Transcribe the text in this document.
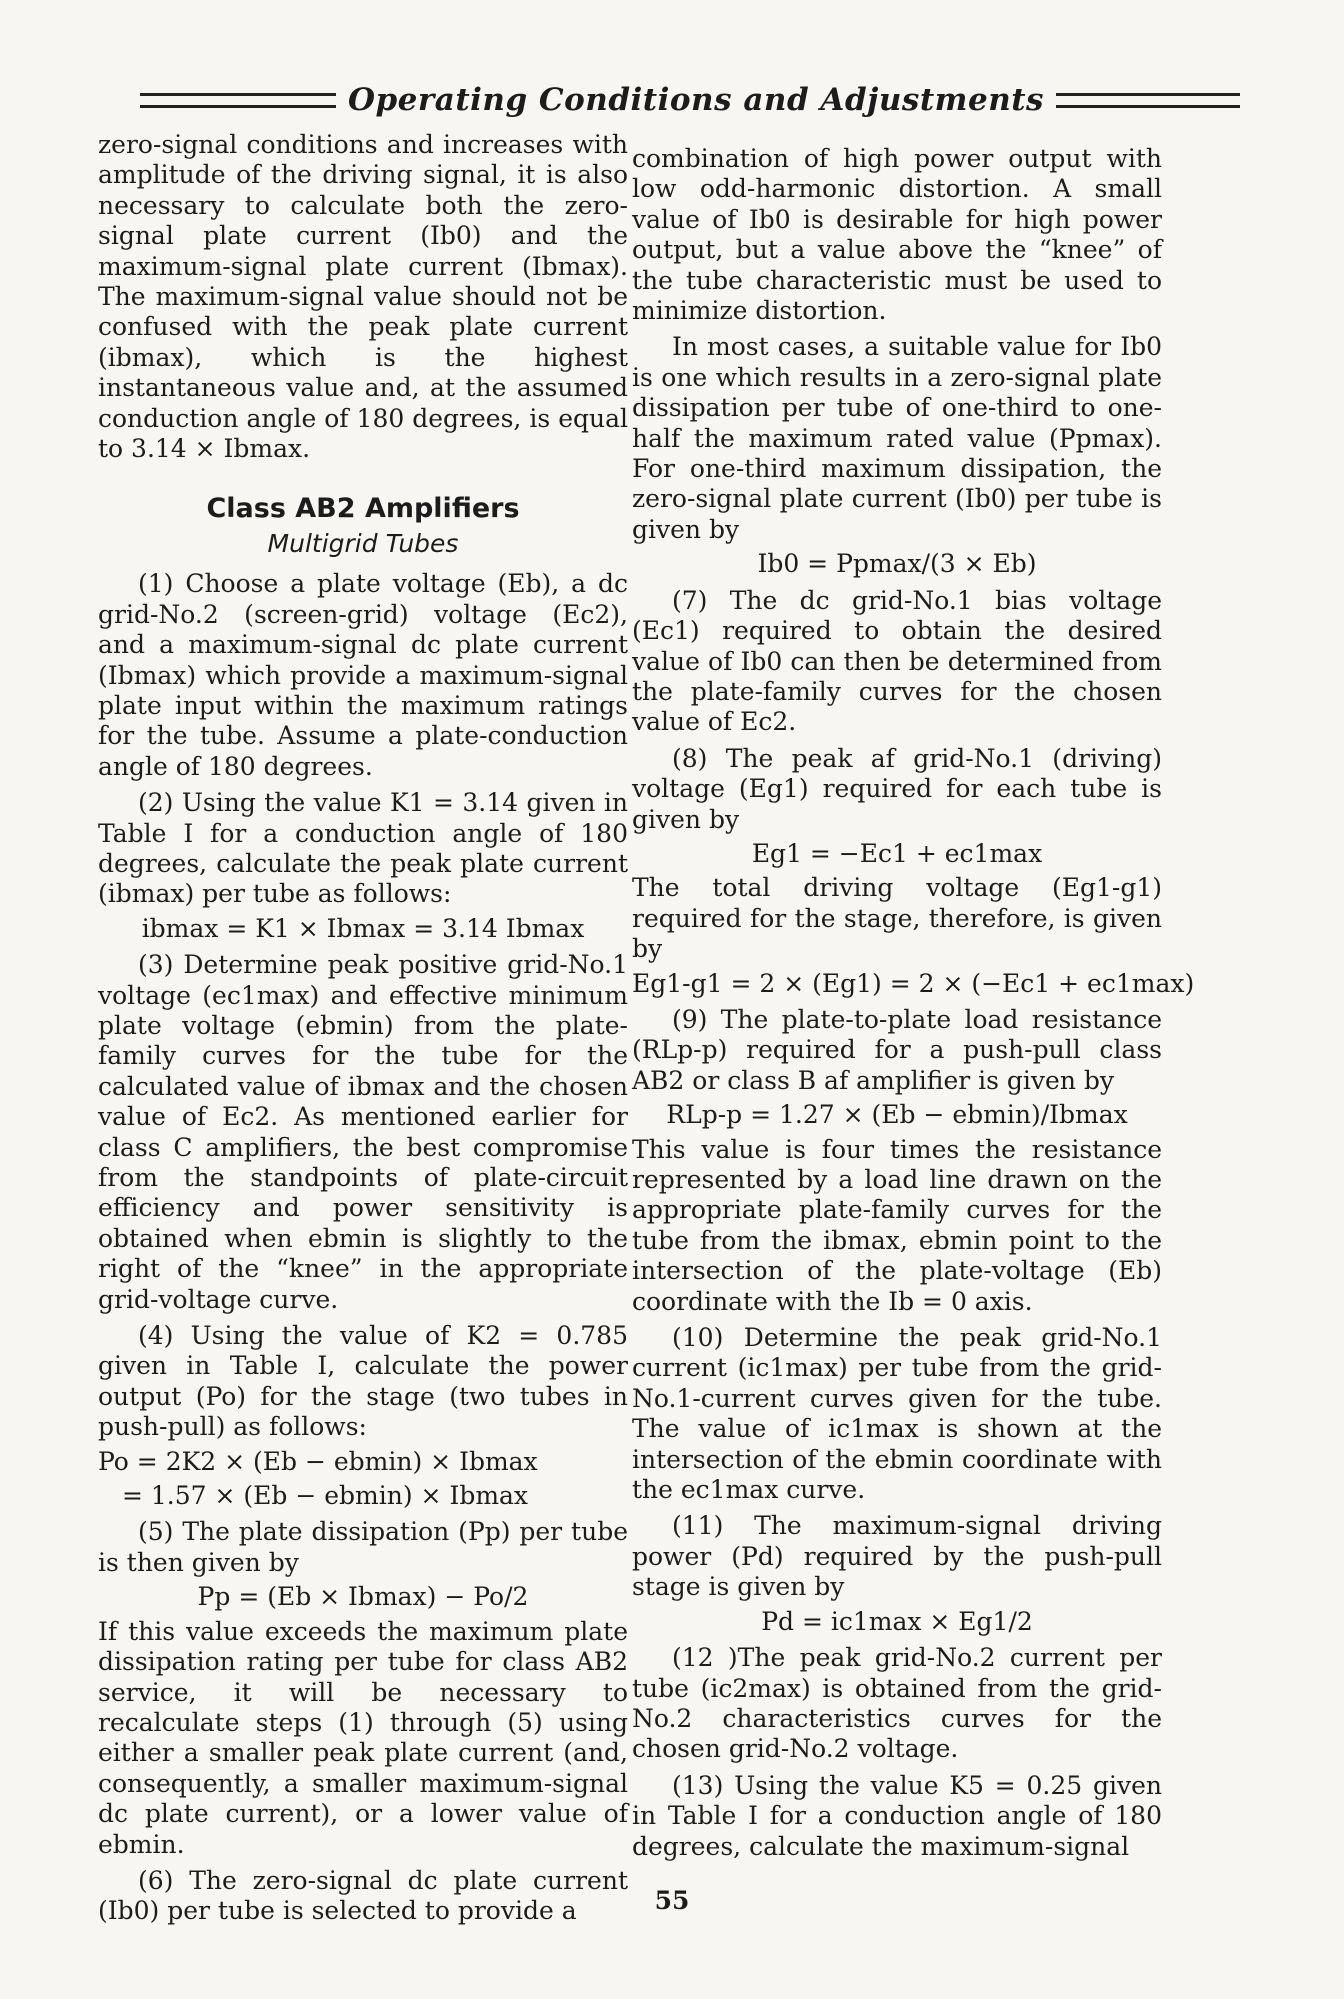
Operating Conditions and Adjustments

zero-signal conditions and increases with amplitude of the driving signal, it is also necessary to calculate both the zero-signal plate current (Ib0) and the maximum-signal plate current (Ibmax). The maximum-signal value should not be confused with the peak plate current (ibmax), which is the highest instantaneous value and, at the assumed conduction angle of 180 degrees, is equal to 3.14 × Ibmax.

Class AB2 Amplifiers
Multigrid Tubes

(1) Choose a plate voltage (Eb), a dc grid-No.2 (screen-grid) voltage (Ec2), and a maximum-signal dc plate current (Ibmax) which provide a maximum-signal plate input within the maximum ratings for the tube. Assume a plate-conduction angle of 180 degrees.

(2) Using the value K1 = 3.14 given in Table I for a conduction angle of 180 degrees, calculate the peak plate current (ibmax) per tube as follows:

ibmax = K1 × Ibmax = 3.14 Ibmax

(3) Determine peak positive grid-No.1 voltage (ec1max) and effective minimum plate voltage (ebmin) from the plate-family curves for the tube for the calculated value of ibmax and the chosen value of Ec2. As mentioned earlier for class C amplifiers, the best compromise from the standpoints of plate-circuit efficiency and power sensitivity is obtained when ebmin is slightly to the right of the “knee” in the appropriate grid-voltage curve.

(4) Using the value of K2 = 0.785 given in Table I, calculate the power output (Po) for the stage (two tubes in push-pull) as follows:

Po = 2K2 × (Eb − ebmin) × Ibmax
= 1.57 × (Eb − ebmin) × Ibmax

(5) The plate dissipation (Pp) per tube is then given by

Pp = (Eb × Ibmax) − Po/2

If this value exceeds the maximum plate dissipation rating per tube for class AB2 service, it will be necessary to recalculate steps (1) through (5) using either a smaller peak plate current (and, consequently, a smaller maximum-signal dc plate current), or a lower value of ebmin.

(6) The zero-signal dc plate current (Ib0) per tube is selected to provide a

combination of high power output with low odd-harmonic distortion. A small value of Ib0 is desirable for high power output, but a value above the “knee” of the tube characteristic must be used to minimize distortion.

In most cases, a suitable value for Ib0 is one which results in a zero-signal plate dissipation per tube of one-third to one-half the maximum rated value (Ppmax). For one-third maximum dissipation, the zero-signal plate current (Ib0) per tube is given by

Ib0 = Ppmax/(3 × Eb)

(7) The dc grid-No.1 bias voltage (Ec1) required to obtain the desired value of Ib0 can then be determined from the plate-family curves for the chosen value of Ec2.

(8) The peak af grid-No.1 (driving) voltage (Eg1) required for each tube is given by

Eg1 = −Ec1 + ec1max

The total driving voltage (Eg1-g1) required for the stage, therefore, is given by

Eg1-g1 = 2 × (Eg1) = 2 × (−Ec1 + ec1max)

(9) The plate-to-plate load resistance (RLp-p) required for a push-pull class AB2 or class B af amplifier is given by

RLp-p = 1.27 × (Eb − ebmin)/Ibmax

This value is four times the resistance represented by a load line drawn on the appropriate plate-family curves for the tube from the ibmax, ebmin point to the intersection of the plate-voltage (Eb) coordinate with the Ib = 0 axis.

(10) Determine the peak grid-No.1 current (ic1max) per tube from the grid-No.1-current curves given for the tube. The value of ic1max is shown at the intersection of the ebmin coordinate with the ec1max curve.

(11) The maximum-signal driving power (Pd) required by the push-pull stage is given by

Pd = ic1max × Eg1/2

(12 )The peak grid-No.2 current per tube (ic2max) is obtained from the grid-No.2 characteristics curves for the chosen grid-No.2 voltage.

(13) Using the value K5 = 0.25 given in Table I for a conduction angle of 180 degrees, calculate the maximum-signal

55
